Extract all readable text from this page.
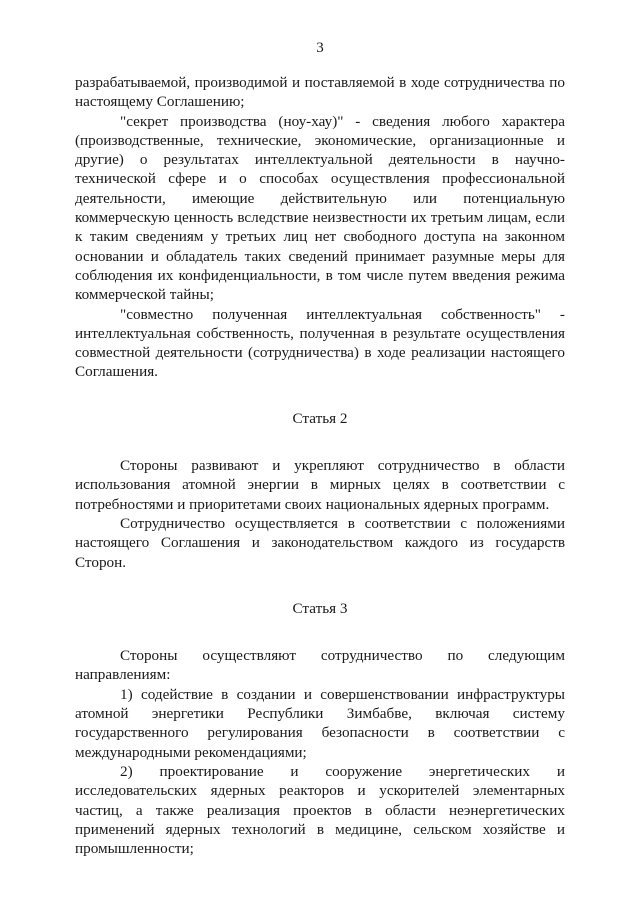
3

разрабатываемой, производимой и поставляемой в ходе сотрудничества по настоящему Соглашению;

"секрет производства (ноу-хау)" - сведения любого характера (производственные, технические, экономические, организационные и другие) о результатах интеллектуальной деятельности в научно-технической сфере и о способах осуществления профессиональной деятельности, имеющие действительную или потенциальную коммерческую ценность вследствие неизвестности их третьим лицам, если к таким сведениям у третьих лиц нет свободного доступа на законном основании и обладатель таких сведений принимает разумные меры для соблюдения их конфиденциальности, в том числе путем введения режима коммерческой тайны;

"совместно полученная интеллектуальная собственность" - интеллектуальная собственность, полученная в результате осуществления совместной деятельности (сотрудничества) в ходе реализации настоящего Соглашения.

Статья 2

Стороны развивают и укрепляют сотрудничество в области использования атомной энергии в мирных целях в соответствии с потребностями и приоритетами своих национальных ядерных программ.

Сотрудничество осуществляется в соответствии с положениями настоящего Соглашения и законодательством каждого из государств Сторон.

Статья 3

Стороны осуществляют сотрудничество по следующим направлениям:

1) содействие в создании и совершенствовании инфраструктуры атомной энергетики Республики Зимбабве, включая систему государственного регулирования безопасности в соответствии с международными рекомендациями;

2) проектирование и сооружение энергетических и исследовательских ядерных реакторов и ускорителей элементарных частиц, а также реализация проектов в области неэнергетических применений ядерных технологий в медицине, сельском хозяйстве и промышленности;
